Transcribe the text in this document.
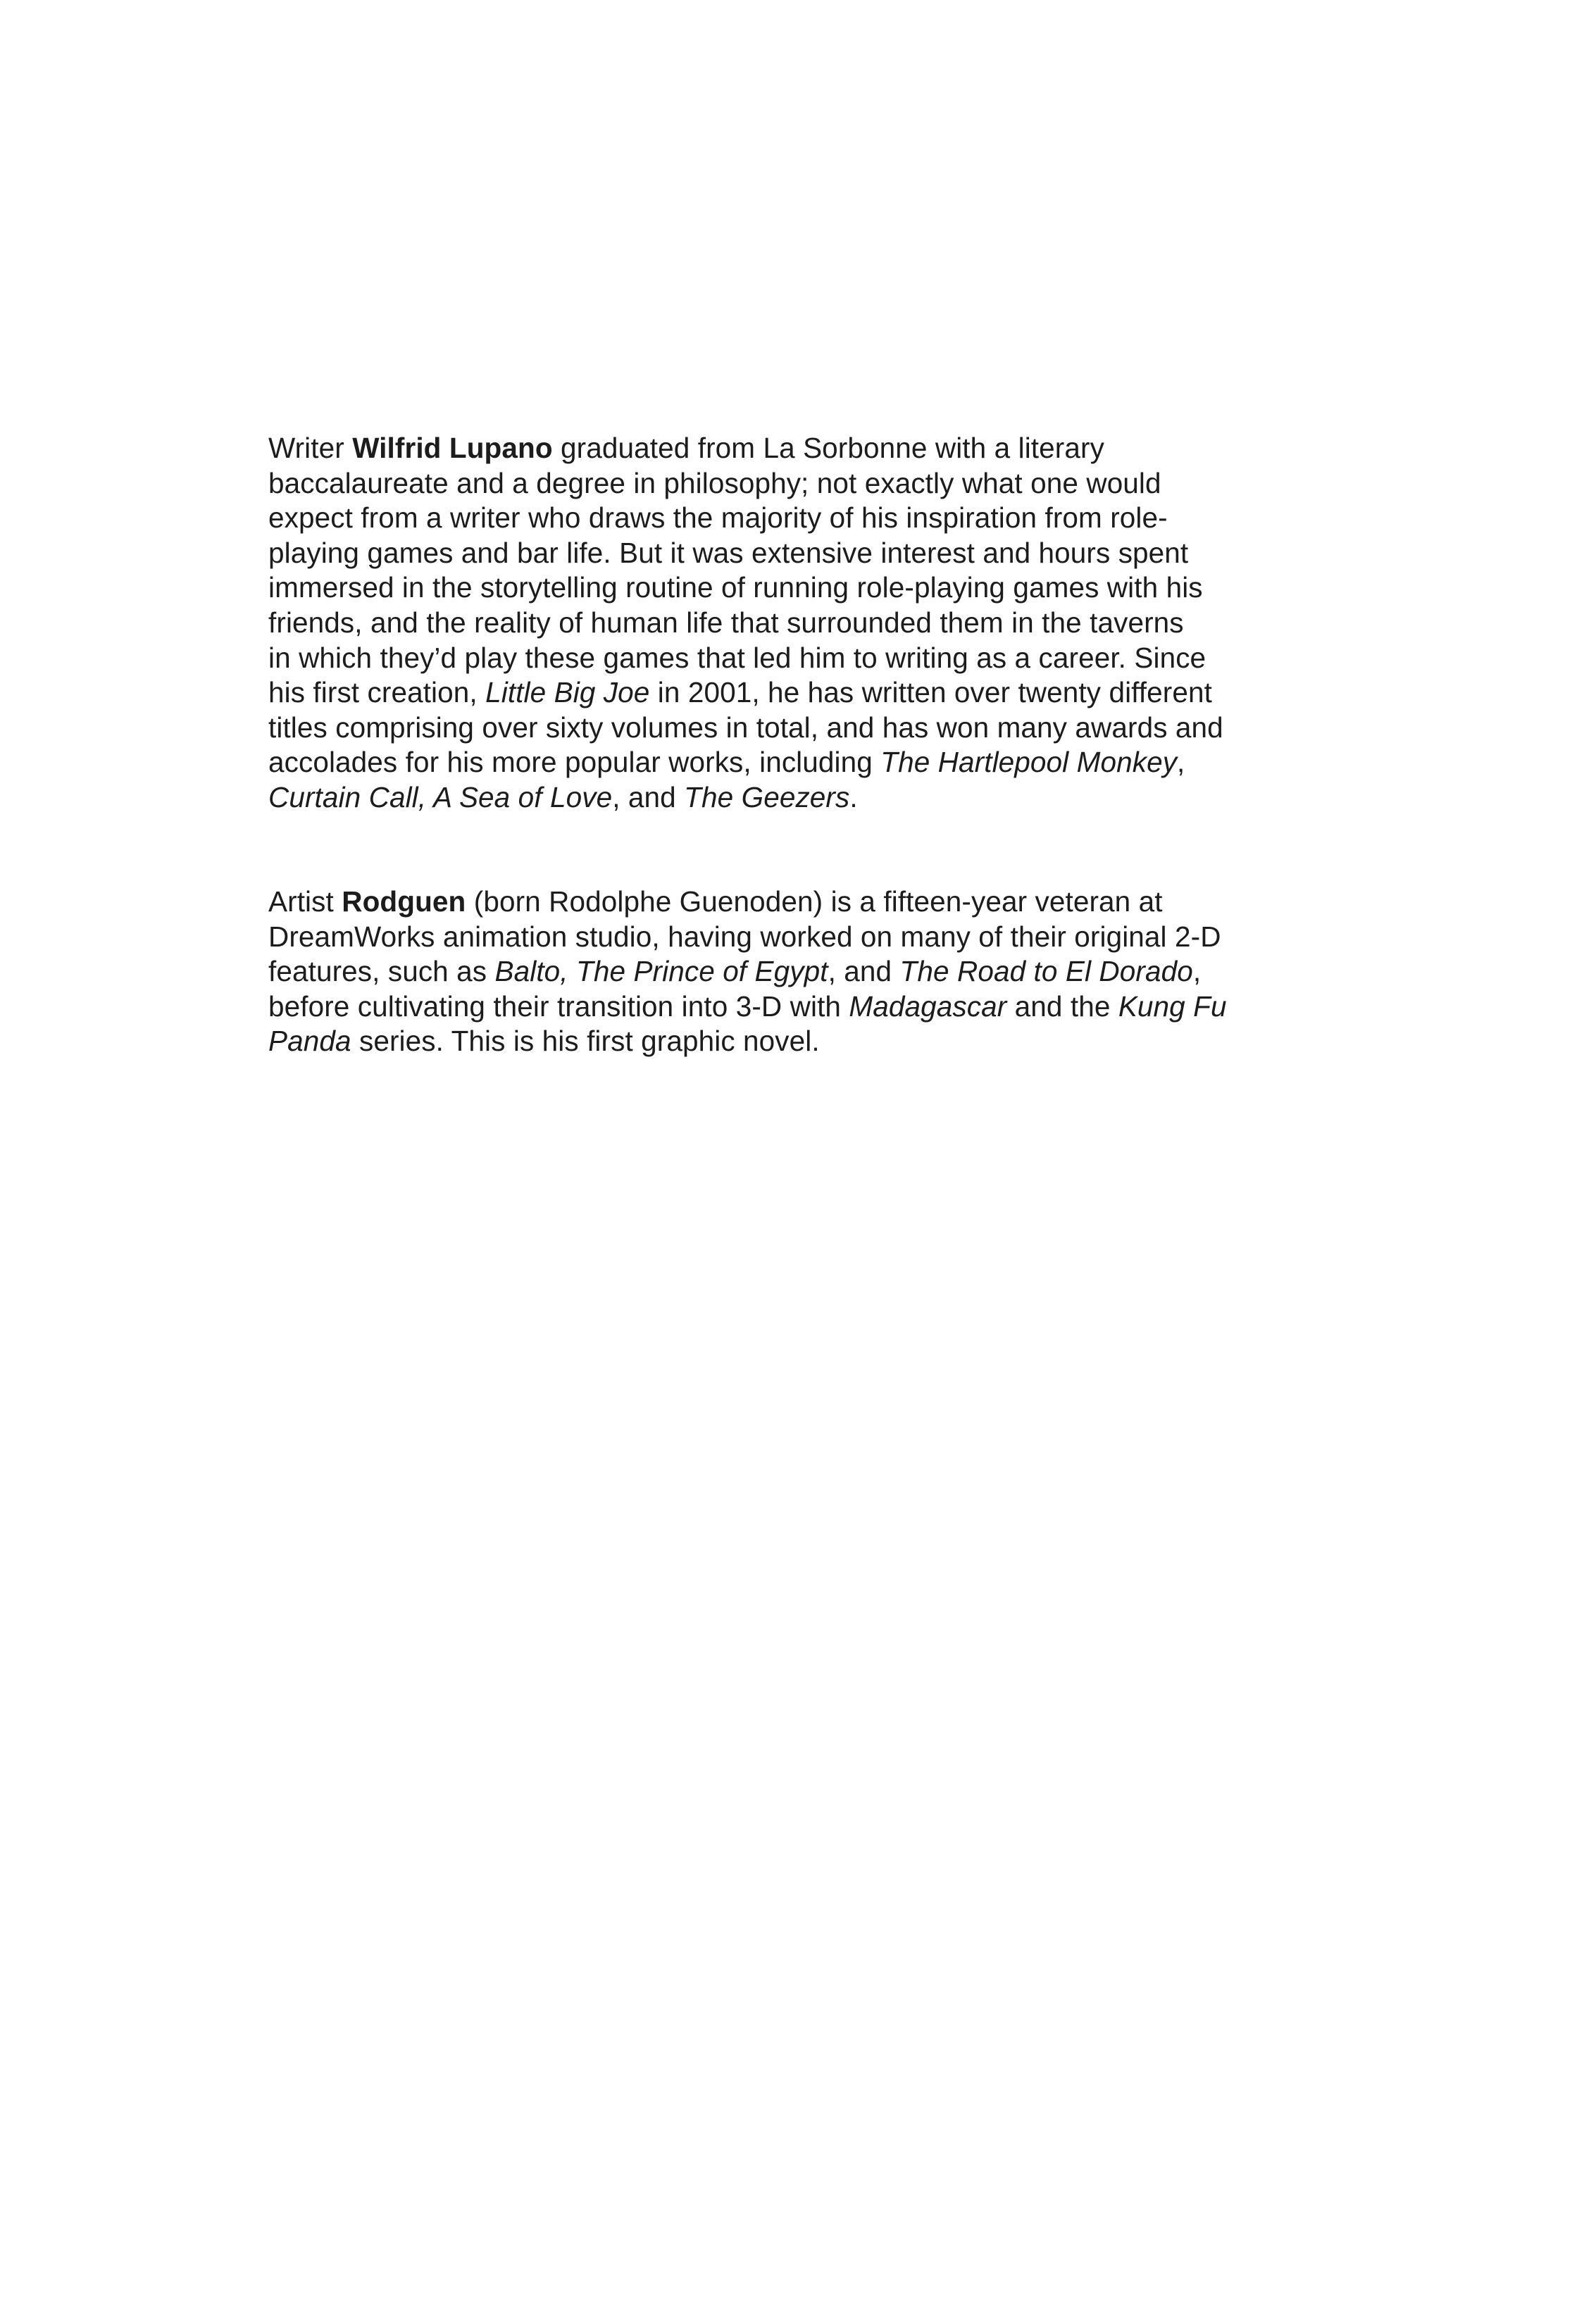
Writer Wilfrid Lupano graduated from La Sorbonne with a literary
baccalaureate and a degree in philosophy; not exactly what one would
expect from a writer who draws the majority of his inspiration from role-
playing games and bar life. But it was extensive interest and hours spent
immersed in the storytelling routine of running role-playing games with his
friends, and the reality of human life that surrounded them in the taverns
in which they’d play these games that led him to writing as a career. Since
his first creation, Little Big Joe in 2001, he has written over twenty different
titles comprising over sixty volumes in total, and has won many awards and
accolades for his more popular works, including The Hartlepool Monkey,
Curtain Call, A Sea of Love, and The Geezers.

Artist Rodguen (born Rodolphe Guenoden) is a fifteen-year veteran at
DreamWorks animation studio, having worked on many of their original 2-D
features, such as Balto, The Prince of Egypt, and The Road to El Dorado,
before cultivating their transition into 3-D with Madagascar and the Kung Fu
Panda series. This is his first graphic novel.
